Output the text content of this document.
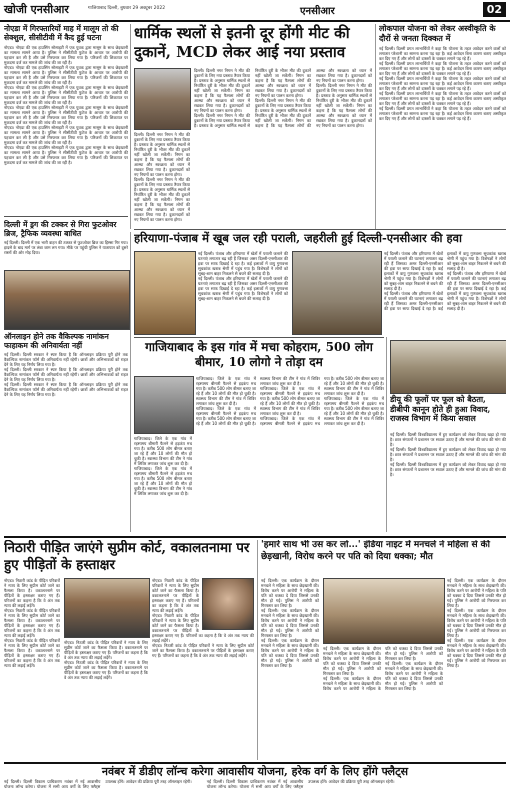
खोजी एनसीआर	गाजियाबाद दिल्ली, बुधवार 29 अक्टूबर 2022	एनसीआर	02

नोएडा में गिरफ्तारियों माह में मालूम तो की सेक्शुल, सीसीटीवी में कैद हुई घटना

नोएडा। नोएडा की एक हाउसिंग सोसाइटी में एक युवक द्वारा मासूम के साथ छेड़खानी का मामला सामने आया है। पुलिस ने सीसीटीवी फुटेज के आधार पर आरोपी की पहचान कर ली है और उसे गिरफ्तार कर लिया गया है। परिजनों की शिकायत पर मुकदमा दर्ज कर मामले की जांच की जा रही है।

नोएडा। नोएडा की एक हाउसिंग सोसाइटी में एक युवक द्वारा मासूम के साथ छेड़खानी का मामला सामने आया है। पुलिस ने सीसीटीवी फुटेज के आधार पर आरोपी की पहचान कर ली है और उसे गिरफ्तार कर लिया गया है। परिजनों की शिकायत पर मुकदमा दर्ज कर मामले की जांच की जा रही है।

नोएडा। नोएडा की एक हाउसिंग सोसाइटी में एक युवक द्वारा मासूम के साथ छेड़खानी का मामला सामने आया है। पुलिस ने सीसीटीवी फुटेज के आधार पर आरोपी की पहचान कर ली है और उसे गिरफ्तार कर लिया गया है। परिजनों की शिकायत पर मुकदमा दर्ज कर मामले की जांच की जा रही है।

नोएडा। नोएडा की एक हाउसिंग सोसाइटी में एक युवक द्वारा मासूम के साथ छेड़खानी का मामला सामने आया है। पुलिस ने सीसीटीवी फुटेज के आधार पर आरोपी की पहचान कर ली है और उसे गिरफ्तार कर लिया गया है। परिजनों की शिकायत पर मुकदमा दर्ज कर मामले की जांच की जा रही है।

नोएडा। नोएडा की एक हाउसिंग सोसाइटी में एक युवक द्वारा मासूम के साथ छेड़खानी का मामला सामने आया है। पुलिस ने सीसीटीवी फुटेज के आधार पर आरोपी की पहचान कर ली है और उसे गिरफ्तार कर लिया गया है। परिजनों की शिकायत पर मुकदमा दर्ज कर मामले की जांच की जा रही है।

नोएडा। नोएडा की एक हाउसिंग सोसाइटी में एक युवक द्वारा मासूम के साथ छेड़खानी का मामला सामने आया है। पुलिस ने सीसीटीवी फुटेज के आधार पर आरोपी की पहचान कर ली है और उसे गिरफ्तार कर लिया गया है। परिजनों की शिकायत पर मुकदमा दर्ज कर मामले की जांच की जा रही है।

धार्मिक स्थलों से इतनी दूर होंगी मीट की दुकानें, MCD लेकर आई नया प्रस्ताव

दिल्ली। दिल्ली नगर निगम ने मीट की दुकानों के लिए नया प्रस्ताव तैयार किया है। प्रस्ताव के अनुसार धार्मिक स्थलों से निर्धारित दूरी के भीतर मीट की दुकानें नहीं खोली जा सकेंगी। निगम का कहना है कि यह फैसला लोगों की आस्था और स्वच्छता को ध्यान में रखकर लिया गया है। दुकानदारों को नए नियमों का पालन करना होगा।

दिल्ली। दिल्ली नगर निगम ने मीट की दुकानों के लिए नया प्रस्ताव तैयार किया है। प्रस्ताव के अनुसार धार्मिक स्थलों से निर्धारित दूरी के भीतर मीट की दुकानें नहीं खोली जा सकेंगी। निगम का कहना है कि यह फैसला लोगों की आस्था और स्वच्छता को ध्यान में रखकर लिया गया है। दुकानदारों को नए नियमों का पालन करना होगा।

दिल्ली। दिल्ली नगर निगम ने मीट की दुकानों के लिए नया प्रस्ताव तैयार किया है। प्रस्ताव के अनुसार धार्मिक स्थलों से निर्धारित दूरी के भीतर मीट की दुकानें नहीं खोली जा सकेंगी। निगम का कहना है कि यह फैसला लोगों की आस्था और स्वच्छता को ध्यान में रखकर लिया गया है। दुकानदारों को नए नियमों का पालन करना होगा।

दिल्ली। दिल्ली नगर निगम ने मीट की दुकानों के लिए नया प्रस्ताव तैयार किया है। प्रस्ताव के अनुसार धार्मिक स्थलों से निर्धारित दूरी के भीतर मीट की दुकानें नहीं खोली जा सकेंगी। निगम का कहना है कि यह फैसला लोगों की आस्था और स्वच्छता को ध्यान में रखकर लिया गया है। दुकानदारों को नए नियमों का पालन करना होगा।

दिल्ली। दिल्ली नगर निगम ने मीट की दुकानों के लिए नया प्रस्ताव तैयार किया है। प्रस्ताव के अनुसार धार्मिक स्थलों से निर्धारित दूरी के भीतर मीट की दुकानें नहीं खोली जा सकेंगी। निगम का कहना है कि यह फैसला लोगों की आस्था और स्वच्छता को ध्यान में रखकर लिया गया है। दुकानदारों को नए नियमों का पालन करना होगा।

दिल्ली। दिल्ली नगर निगम ने मीट की दुकानों के लिए नया प्रस्ताव तैयार किया है। प्रस्ताव के अनुसार धार्मिक स्थलों से निर्धारित दूरी के भीतर मीट की दुकानें नहीं खोली जा सकेंगी। निगम का कहना है कि यह फैसला लोगों की आस्था और स्वच्छता को ध्यान में रखकर लिया गया है। दुकानदारों को नए नियमों का पालन करना होगा।

लोकपाल योजना को लेकर अस्वीकृति के दौरों से जनता दिक्कत में

नई दिल्ली। दिल्ली प्रगत लाभार्थियों ने कहा कि योजना के तहत आवेदन करने वालों को लगातार परेशानी का सामना करना पड़ रहा है। कई आवेदन बिना कारण बताए अस्वीकृत कर दिए गए हैं और लोगों को दफ्तरों के चक्कर लगाने पड़ रहे हैं।

नई दिल्ली। दिल्ली प्रगत लाभार्थियों ने कहा कि योजना के तहत आवेदन करने वालों को लगातार परेशानी का सामना करना पड़ रहा है। कई आवेदन बिना कारण बताए अस्वीकृत कर दिए गए हैं और लोगों को दफ्तरों के चक्कर लगाने पड़ रहे हैं।

नई दिल्ली। दिल्ली प्रगत लाभार्थियों ने कहा कि योजना के तहत आवेदन करने वालों को लगातार परेशानी का सामना करना पड़ रहा है। कई आवेदन बिना कारण बताए अस्वीकृत कर दिए गए हैं और लोगों को दफ्तरों के चक्कर लगाने पड़ रहे हैं।

नई दिल्ली। दिल्ली प्रगत लाभार्थियों ने कहा कि योजना के तहत आवेदन करने वालों को लगातार परेशानी का सामना करना पड़ रहा है। कई आवेदन बिना कारण बताए अस्वीकृत कर दिए गए हैं और लोगों को दफ्तरों के चक्कर लगाने पड़ रहे हैं।

नई दिल्ली। दिल्ली प्रगत लाभार्थियों ने कहा कि योजना के तहत आवेदन करने वालों को लगातार परेशानी का सामना करना पड़ रहा है। कई आवेदन बिना कारण बताए अस्वीकृत कर दिए गए हैं और लोगों को दफ्तरों के चक्कर लगाने पड़ रहे हैं।

दिल्ली में ड्रग की टक्कर से गिरा फुटओवर ब्रिज, ट्रैफिक व्यवस्था बाधित

नई दिल्ली। दिल्ली में एक भारी वाहन की टक्कर से फुटओवर ब्रिज का हिस्सा गिर गया। हादसे के बाद मार्ग पर लंबा जाम लग गया। मौके पर पहुंची पुलिस ने यातायात को दूसरे रास्तों की ओर मोड़ दिया।

ऑनलाइन होने तक वैकिल्पक नामांकन फाहाकम की अनिवार्यता नहीं

नई दिल्ली। दिल्ली सरकार ने स्पष्ट किया है कि ऑनलाइन प्रक्रिया पूरी होने तक वैकल्पिक नामांकन फॉर्म की अनिवार्यता नहीं रहेगी। छात्रों और अभिभावकों को राहत देने के लिए यह निर्णय लिया गया है।

नई दिल्ली। दिल्ली सरकार ने स्पष्ट किया है कि ऑनलाइन प्रक्रिया पूरी होने तक वैकल्पिक नामांकन फॉर्म की अनिवार्यता नहीं रहेगी। छात्रों और अभिभावकों को राहत देने के लिए यह निर्णय लिया गया है।

नई दिल्ली। दिल्ली सरकार ने स्पष्ट किया है कि ऑनलाइन प्रक्रिया पूरी होने तक वैकल्पिक नामांकन फॉर्म की अनिवार्यता नहीं रहेगी। छात्रों और अभिभावकों को राहत देने के लिए यह निर्णय लिया गया है।

हरियाणा-पंजाब में खूब जल रही पराली, जहरीली हुई दिल्ली-एनसीआर की हवा

नई दिल्ली। पंजाब और हरियाणा में खेतों में पराली जलाने की घटनाएं लगातार बढ़ रही हैं जिसका असर दिल्ली-एनसीआर की हवा पर साफ दिखाई दे रहा है। कई इलाकों में वायु गुणवत्ता सूचकांक खराब श्रेणी में पहुंच गया है। विशेषज्ञों ने लोगों को सुबह-शाम बाहर निकलने से बचने की सलाह दी है।

नई दिल्ली। पंजाब और हरियाणा में खेतों में पराली जलाने की घटनाएं लगातार बढ़ रही हैं जिसका असर दिल्ली-एनसीआर की हवा पर साफ दिखाई दे रहा है। कई इलाकों में वायु गुणवत्ता सूचकांक खराब श्रेणी में पहुंच गया है। विशेषज्ञों ने लोगों को सुबह-शाम बाहर निकलने से बचने की सलाह दी है।

नई दिल्ली। पंजाब और हरियाणा में खेतों में पराली जलाने की घटनाएं लगातार बढ़ रही हैं जिसका असर दिल्ली-एनसीआर की हवा पर साफ दिखाई दे रहा है। कई इलाकों में वायु गुणवत्ता सूचकांक खराब श्रेणी में पहुंच गया है। विशेषज्ञों ने लोगों को सुबह-शाम बाहर निकलने से बचने की सलाह दी है।

नई दिल्ली। पंजाब और हरियाणा में खेतों में पराली जलाने की घटनाएं लगातार बढ़ रही हैं जिसका असर दिल्ली-एनसीआर की हवा पर साफ दिखाई दे रहा है। कई इलाकों में वायु गुणवत्ता सूचकांक खराब श्रेणी में पहुंच गया है। विशेषज्ञों ने लोगों को सुबह-शाम बाहर निकलने से बचने की सलाह दी है।

नई दिल्ली। पंजाब और हरियाणा में खेतों में पराली जलाने की घटनाएं लगातार बढ़ रही हैं जिसका असर दिल्ली-एनसीआर की हवा पर साफ दिखाई दे रहा है। कई इलाकों में वायु गुणवत्ता सूचकांक खराब श्रेणी में पहुंच गया है। विशेषज्ञों ने लोगों को सुबह-शाम बाहर निकलने से बचने की सलाह दी है।

गाजियाबाद के इस गांव में मचा कोहराम, 500 लोग बीमार, 10 लोगो ने तोड़ा दम

गाजियाबाद। जिले के एक गांव में रहस्यमय बीमारी फैलने से हड़कंप मच गया है। करीब 500 लोग बीमार बताए जा रहे हैं और 10 लोगों की मौत हो चुकी है। स्वास्थ्य विभाग की टीम ने गांव में शिविर लगाकर जांच शुरू कर दी है।

गाजियाबाद। जिले के एक गांव में रहस्यमय बीमारी फैलने से हड़कंप मच गया है। करीब 500 लोग बीमार बताए जा रहे हैं और 10 लोगों की मौत हो चुकी है। स्वास्थ्य विभाग की टीम ने गांव में शिविर लगाकर जांच शुरू कर दी है।

गाजियाबाद। जिले के एक गांव में रहस्यमय बीमारी फैलने से हड़कंप मच गया है। करीब 500 लोग बीमार बताए जा रहे हैं और 10 लोगों की मौत हो चुकी है। स्वास्थ्य विभाग की टीम ने गांव में शिविर लगाकर जांच शुरू कर दी है।

गाजियाबाद। जिले के एक गांव में रहस्यमय बीमारी फैलने से हड़कंप मच गया है। करीब 500 लोग बीमार बताए जा रहे हैं और 10 लोगों की मौत हो चुकी है। स्वास्थ्य विभाग की टीम ने गांव में शिविर लगाकर जांच शुरू कर दी है।

गाजियाबाद। जिले के एक गांव में रहस्यमय बीमारी फैलने से हड़कंप मच गया है। करीब 500 लोग बीमार बताए जा रहे हैं और 10 लोगों की मौत हो चुकी है। स्वास्थ्य विभाग की टीम ने गांव में शिविर लगाकर जांच शुरू कर दी है।

गाजियाबाद। जिले के एक गांव में रहस्यमय बीमारी फैलने से हड़कंप मच गया है। करीब 500 लोग बीमार बताए जा रहे हैं और 10 लोगों की मौत हो चुकी है। स्वास्थ्य विभाग की टीम ने गांव में शिविर लगाकर जांच शुरू कर दी है।

गाजियाबाद। जिले के एक गांव में रहस्यमय बीमारी फैलने से हड़कंप मच गया है। करीब 500 लोग बीमार बताए जा रहे हैं और 10 लोगों की मौत हो चुकी है। स्वास्थ्य विभाग की टीम ने गांव में शिविर लगाकर जांच शुरू कर दी है।

डीयू की फूलों पर फूल को बैठता, डीबीपी कानून होते ही हुआ विवाद, राजस्व विभाग में किया सवाल

नई दिल्ली। दिल्ली विश्वविद्यालय में हुए कार्यक्रम को लेकर विवाद खड़ा हो गया है। छात्र संगठनों ने प्रशासन पर सवाल उठाए हैं और मामले की जांच की मांग की है।

नई दिल्ली। दिल्ली विश्वविद्यालय में हुए कार्यक्रम को लेकर विवाद खड़ा हो गया है। छात्र संगठनों ने प्रशासन पर सवाल उठाए हैं और मामले की जांच की मांग की है।

नई दिल्ली। दिल्ली विश्वविद्यालय में हुए कार्यक्रम को लेकर विवाद खड़ा हो गया है। छात्र संगठनों ने प्रशासन पर सवाल उठाए हैं और मामले की जांच की मांग की है।

निठारी पीड़ित जाएंगे सुप्रीम कोर्ट, वकालतनामा पर हुए पीड़ितों के हस्ताक्षर

नोएडा। निठारी कांड के पीड़ित परिवारों ने न्याय के लिए सुप्रीम कोर्ट जाने का फैसला किया है। वकालतनामे पर पीड़ितों के हस्ताक्षर कराए गए हैं। परिजनों का कहना है कि वे अंत तक न्याय की लड़ाई लड़ेंगे।

नोएडा। निठारी कांड के पीड़ित परिवारों ने न्याय के लिए सुप्रीम कोर्ट जाने का फैसला किया है। वकालतनामे पर पीड़ितों के हस्ताक्षर कराए गए हैं। परिजनों का कहना है कि वे अंत तक न्याय की लड़ाई लड़ेंगे।

नोएडा। निठारी कांड के पीड़ित परिवारों ने न्याय के लिए सुप्रीम कोर्ट जाने का फैसला किया है। वकालतनामे पर पीड़ितों के हस्ताक्षर कराए गए हैं। परिजनों का कहना है कि वे अंत तक न्याय की लड़ाई लड़ेंगे।

नोएडा। निठारी कांड के पीड़ित परिवारों ने न्याय के लिए सुप्रीम कोर्ट जाने का फैसला किया है। वकालतनामे पर पीड़ितों के हस्ताक्षर कराए गए हैं। परिजनों का कहना है कि वे अंत तक न्याय की लड़ाई लड़ेंगे।

नोएडा। निठारी कांड के पीड़ित परिवारों ने न्याय के लिए सुप्रीम कोर्ट जाने का फैसला किया है। वकालतनामे पर पीड़ितों के हस्ताक्षर कराए गए हैं। परिजनों का कहना है कि वे अंत तक न्याय की लड़ाई लड़ेंगे।

नोएडा। निठारी कांड के पीड़ित परिवारों ने न्याय के लिए सुप्रीम कोर्ट जाने का फैसला किया है। वकालतनामे पर पीड़ितों के हस्ताक्षर कराए गए हैं। परिजनों का कहना है कि वे अंत तक न्याय की लड़ाई लड़ेंगे।

नोएडा। निठारी कांड के पीड़ित परिवारों ने न्याय के लिए सुप्रीम कोर्ट जाने का फैसला किया है। वकालतनामे पर पीड़ितों के हस्ताक्षर कराए गए हैं। परिजनों का कहना है कि वे अंत तक न्याय की लड़ाई लड़ेंगे।

नोएडा। निठारी कांड के पीड़ित परिवारों ने न्याय के लिए सुप्रीम कोर्ट जाने का फैसला किया है। वकालतनामे पर पीड़ितों के हस्ताक्षर कराए गए हैं। परिजनों का कहना है कि वे अंत तक न्याय की लड़ाई लड़ेंगे।

'हमारे साथ भी उस कर लो...' इंडिया नाइट में मनचले ने महिला से की छेड़खानी, विरोध करने पर पति को दिया धक्का; मौत

नई दिल्ली। एक कार्यक्रम के दौरान मनचले ने महिला के साथ छेड़खानी की। विरोध करने पर आरोपी ने महिला के पति को धक्का दे दिया जिससे उनकी मौत हो गई। पुलिस ने आरोपी को गिरफ्तार कर लिया है।

नई दिल्ली। एक कार्यक्रम के दौरान मनचले ने महिला के साथ छेड़खानी की। विरोध करने पर आरोपी ने महिला के पति को धक्का दे दिया जिससे उनकी मौत हो गई। पुलिस ने आरोपी को गिरफ्तार कर लिया है।

नई दिल्ली। एक कार्यक्रम के दौरान मनचले ने महिला के साथ छेड़खानी की। विरोध करने पर आरोपी ने महिला के पति को धक्का दे दिया जिससे उनकी मौत हो गई। पुलिस ने आरोपी को गिरफ्तार कर लिया है।

नई दिल्ली। एक कार्यक्रम के दौरान मनचले ने महिला के साथ छेड़खानी की। विरोध करने पर आरोपी ने महिला के पति को धक्का दे दिया जिससे उनकी मौत हो गई। पुलिस ने आरोपी को गिरफ्तार कर लिया है।

नई दिल्ली। एक कार्यक्रम के दौरान मनचले ने महिला के साथ छेड़खानी की। विरोध करने पर आरोपी ने महिला के पति को धक्का दे दिया जिससे उनकी मौत हो गई। पुलिस ने आरोपी को गिरफ्तार कर लिया है।

नई दिल्ली। एक कार्यक्रम के दौरान मनचले ने महिला के साथ छेड़खानी की। विरोध करने पर आरोपी ने महिला के पति को धक्का दे दिया जिससे उनकी मौत हो गई। पुलिस ने आरोपी को गिरफ्तार कर लिया है।

नई दिल्ली। एक कार्यक्रम के दौरान मनचले ने महिला के साथ छेड़खानी की। विरोध करने पर आरोपी ने महिला के पति को धक्का दे दिया जिससे उनकी मौत हो गई। पुलिस ने आरोपी को गिरफ्तार कर लिया है।

नई दिल्ली। एक कार्यक्रम के दौरान मनचले ने महिला के साथ छेड़खानी की। विरोध करने पर आरोपी ने महिला के पति को धक्का दे दिया जिससे उनकी मौत हो गई। पुलिस ने आरोपी को गिरफ्तार कर लिया है।

नई दिल्ली। एक कार्यक्रम के दौरान मनचले ने महिला के साथ छेड़खानी की। विरोध करने पर आरोपी ने महिला के पति को धक्का दे दिया जिससे उनकी मौत हो गई। पुलिस ने आरोपी को गिरफ्तार कर लिया है।

नवंबर में डीडीए लॉन्च करेगा आवासीय योजना, हरेक वर्ग के लिए होंगे फ्लैट्स

नई दिल्ली। दिल्ली विकास प्राधिकरण नवंबर में नई आवासीय योजना लॉन्च करेगा। योजना में सभी आय वर्गों के लिए फ्लैट्स उपलब्ध होंगे। आवेदन की प्रक्रिया पूरी तरह ऑनलाइन रहेगी।	नई दिल्ली। दिल्ली विकास प्राधिकरण नवंबर में नई आवासीय योजना लॉन्च करेगा। योजना में सभी आय वर्गों के लिए फ्लैट्स उपलब्ध होंगे। आवेदन की प्रक्रिया पूरी तरह ऑनलाइन रहेगी।
